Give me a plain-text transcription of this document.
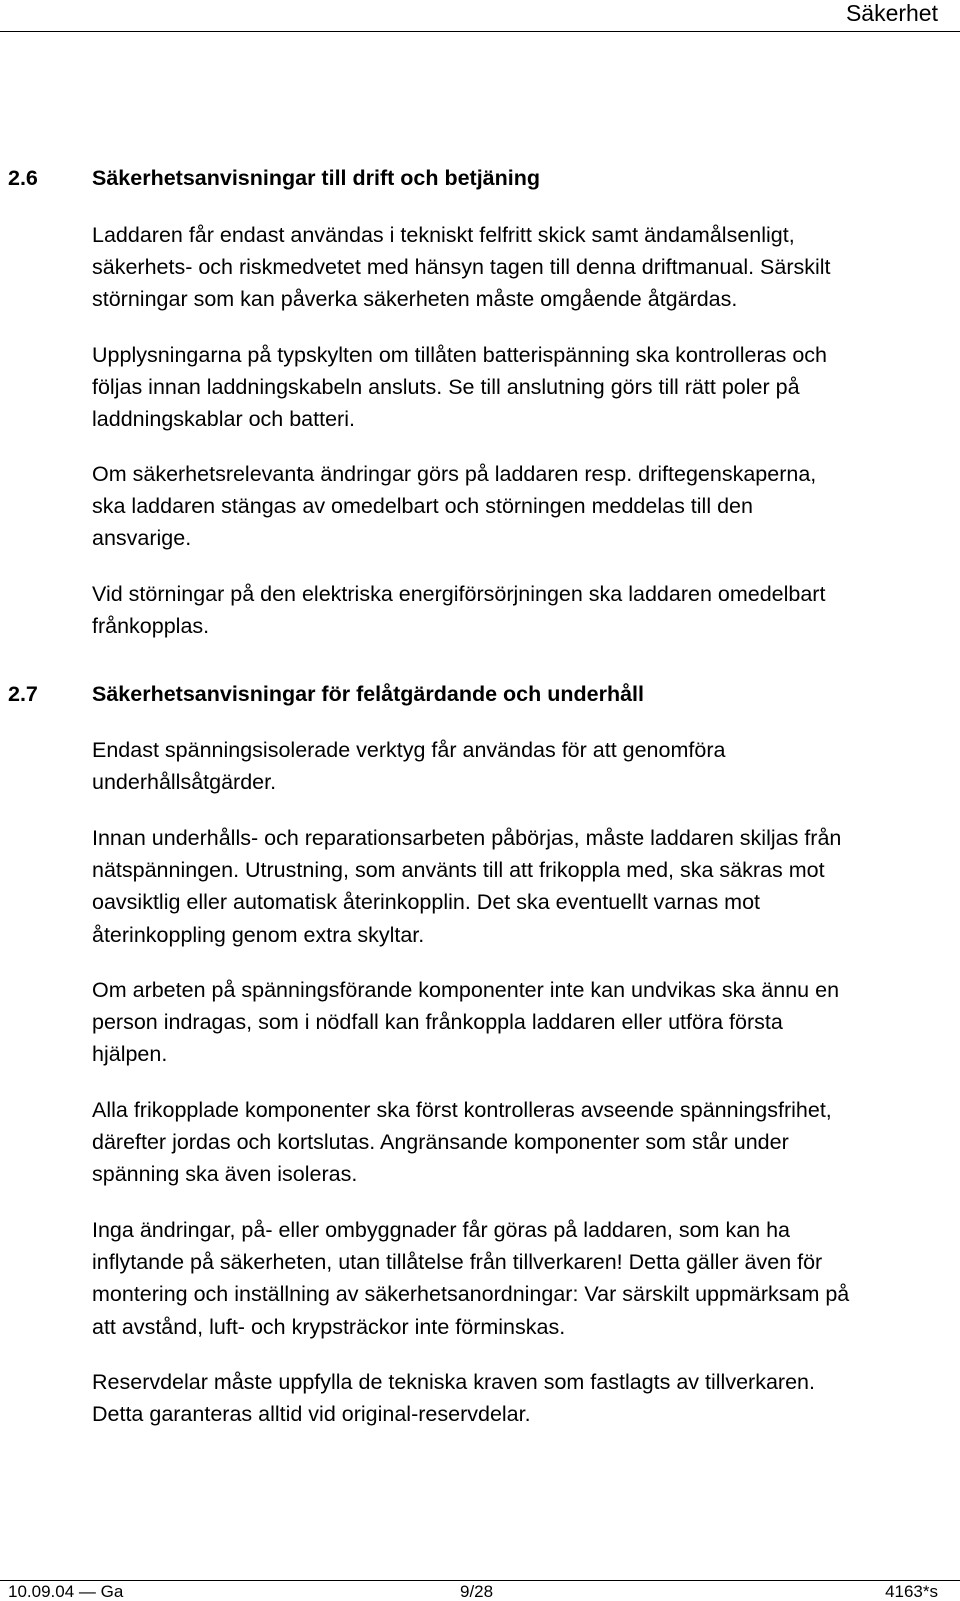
Säkerhet
2.6	Säkerhetsanvisningar till drift och betjäning

Laddaren får endast användas i tekniskt felfritt skick samt ändamålsenligt,
säkerhets- och riskmedvetet med hänsyn tagen till denna driftmanual. Särskilt
störningar som kan påverka säkerheten måste omgående åtgärdas.

Upplysningarna på typskylten om tillåten batterispänning ska kontrolleras och
följas innan laddningskabeln ansluts. Se till anslutning görs till rätt poler på
laddningskablar och batteri.

Om säkerhetsrelevanta ändringar görs på laddaren resp. driftegenskaperna,
ska laddaren stängas av omedelbart och störningen meddelas till den
ansvarige.

Vid störningar på den elektriska energiförsörjningen ska laddaren omedelbart
frånkopplas.

2.7	Säkerhetsanvisningar för felåtgärdande och underhåll

Endast spänningsisolerade verktyg får användas för att genomföra
underhållsåtgärder.

Innan underhålls- och reparationsarbeten påbörjas, måste laddaren skiljas från
nätspänningen. Utrustning, som använts till att frikoppla med, ska säkras mot
oavsiktlig eller automatisk återinkopplin. Det ska eventuellt varnas mot
återinkoppling genom extra skyltar.

Om arbeten på spänningsförande komponenter inte kan undvikas ska ännu en
person indragas, som i nödfall kan frånkoppla laddaren eller utföra första
hjälpen.

Alla frikopplade komponenter ska först kontrolleras avseende spänningsfrihet,
därefter jordas och kortslutas. Angränsande komponenter som står under
spänning ska även isoleras.

Inga ändringar, på- eller ombyggnader får göras på laddaren, som kan ha
inflytande på säkerheten, utan tillåtelse från tillverkaren! Detta gäller även för
montering och inställning av säkerhetsanordningar: Var särskilt uppmärksam på
att avstånd, luft- och krypsträckor inte förminskas.

Reservdelar måste uppfylla de tekniska kraven som fastlagts av tillverkaren.
Detta garanteras alltid vid original-reservdelar.

10.09.04 — Ga	9/28	4163*s
